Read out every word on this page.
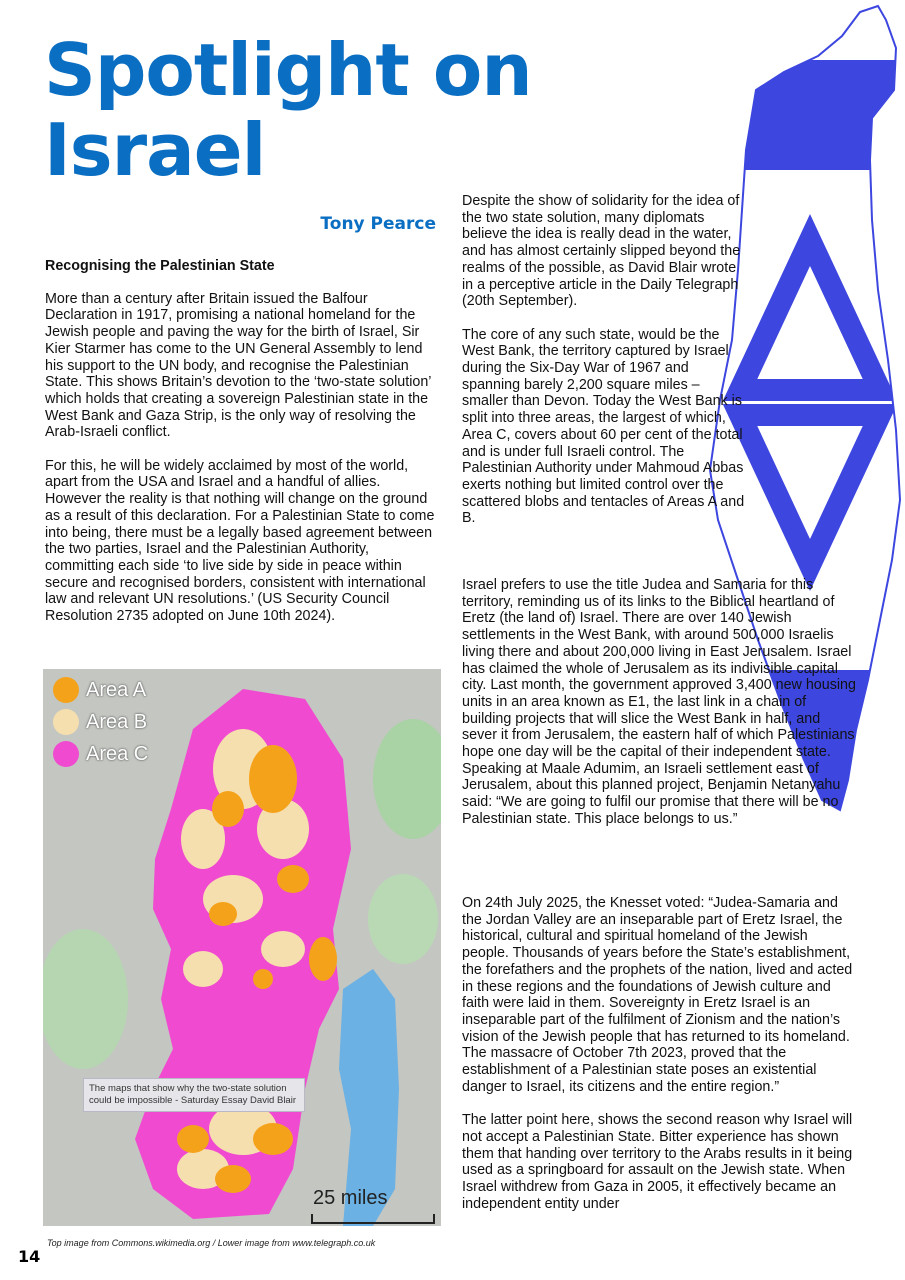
Spotlight on
Israel
Tony Pearce
Recognising the Palestinian State

More than a century after Britain issued the Balfour Declaration in 1917, promising a national homeland for the Jewish people and paving the way for the birth of Israel, Sir Kier Starmer has come to the UN General Assembly to lend his support to the UN body, and recognise the Palestinian State. This shows Britain’s devotion to the ‘two-state solution’ which holds that creating a sovereign Palestinian state in the West Bank and Gaza Strip, is the only way of resolving the Arab-Israeli conflict.

For this, he will be widely acclaimed by most of the world, apart from the USA and Israel and a handful of allies. However the reality is that nothing will change on the ground as a result of this declaration. For a Palestinian State to come into being, there must be a legally based agreement between the two parties, Israel and the Palestinian Authority, committing each side ‘to live side by side in peace within secure and recognised borders, consistent with international law and relevant UN resolutions.’ (US Security Council Resolution 2735 adopted on June 10th 2024).

Despite the show of solidarity for the idea of the two state solution, many diplomats believe the idea is really dead in the water, and has almost certainly slipped beyond the realms of the possible, as David Blair wrote in a perceptive article in the Daily Telegraph (20th September).

The core of any such state, would be the West Bank, the territory captured by Israel during the Six-Day War of 1967 and spanning barely 2,200 square miles – smaller than Devon. Today the West Bank is split into three areas, the largest of which, Area C, covers about 60 per cent of the total and is under full Israeli control. The Palestinian Authority under Mahmoud Abbas exerts nothing but limited control over the scattered blobs and tentacles of Areas A and B.

Israel prefers to use the title Judea and Samaria for this territory, reminding us of its links to the Biblical heartland of Eretz (the land of) Israel. There are over 140 Jewish settlements in the West Bank, with around 500,000 Israelis living there and about 200,000 living in East Jerusalem. Israel has claimed the whole of Jerusalem as its indivisible capital city. Last month, the government approved 3,400 new housing units in an area known as E1, the last link in a chain of building projects that will slice the West Bank in half, and sever it from Jerusalem, the eastern half of which Palestinians hope one day will be the capital of their independent state. Speaking at Maale Adumim, an Israeli settlement east of Jerusalem, about this planned project, Benjamin Netanyahu said: “We are going to fulfil our promise that there will be no Palestinian state. This place belongs to us.”

On 24th July 2025, the Knesset voted: “Judea-Samaria and the Jordan Valley are an inseparable part of Eretz Israel, the historical, cultural and spiritual homeland of the Jewish people. Thousands of years before the State’s establishment, the forefathers and the prophets of the nation, lived and acted in these regions and the foundations of Jewish culture and faith were laid in them. Sovereignty in Eretz Israel is an inseparable part of the fulfilment of Zionism and the nation’s vision of the Jewish people that has returned to its homeland. The massacre of October 7th 2023, proved that the establishment of a Palestinian state poses an existential danger to Israel, its citizens and the entire region.”

The latter point here, shows the second reason why Israel will not accept a Palestinian State. Bitter experience has shown them that handing over territory to the Arabs results in it being used as a springboard for assault on the Jewish state. When Israel withdrew from Gaza in 2005, it effectively became an independent entity under

Area A
Area B
Area C
The maps that show why the two-state solution could be impossible - Saturday Essay David Blair
25 miles
Top image from Commons.wikimedia.org / Lower image from www.telegraph.co.uk
14
